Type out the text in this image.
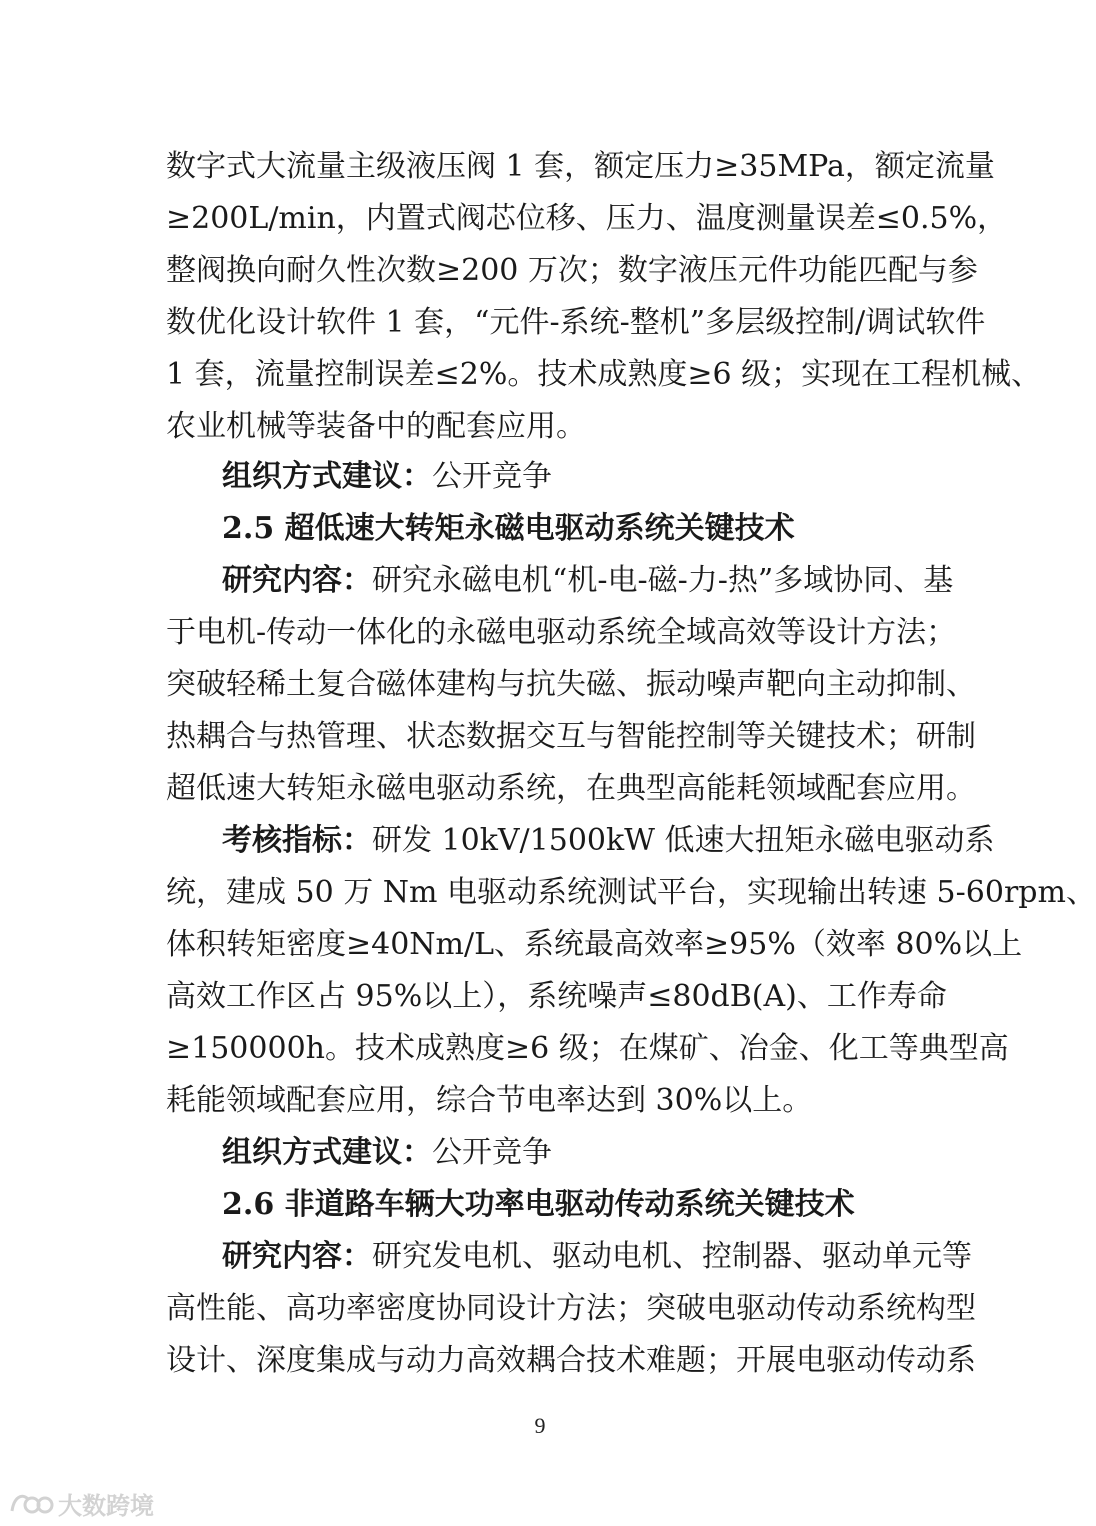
数字式大流量主级液压阀 1 套，额定压力≥35MPa，额定流量
≥200L/min，内置式阀芯位移、压力、温度测量误差≤0.5%，
整阀换向耐久性次数≥200 万次；数字液压元件功能匹配与参
数优化设计软件 1 套，“元件-系统-整机”多层级控制/调试软件
1 套，流量控制误差≤2%。技术成熟度≥6 级；实现在工程机械、
农业机械等装备中的配套应用。
组织方式建议：公开竞争
2.5 超低速大转矩永磁电驱动系统关键技术
研究内容：研究永磁电机“机-电-磁-力-热”多域协同、基
于电机-传动一体化的永磁电驱动系统全域高效等设计方法；
突破轻稀土复合磁体建构与抗失磁、振动噪声靶向主动抑制、
热耦合与热管理、状态数据交互与智能控制等关键技术；研制
超低速大转矩永磁电驱动系统，在典型高能耗领域配套应用。
考核指标：研发 10kV/1500kW 低速大扭矩永磁电驱动系
统，建成 50 万 Nm 电驱动系统测试平台，实现输出转速 5-60rpm、
体积转矩密度≥40Nm/L、系统最高效率≥95%（效率 80%以上
高效工作区占 95%以上），系统噪声≤80dB(A)、工作寿命
≥150000h。技术成熟度≥6 级；在煤矿、冶金、化工等典型高
耗能领域配套应用，综合节电率达到 30%以上。
组织方式建议：公开竞争
2.6 非道路车辆大功率电驱动传动系统关键技术
研究内容：研究发电机、驱动电机、控制器、驱动单元等
高性能、高功率密度协同设计方法；突破电驱动传动系统构型
设计、深度集成与动力高效耦合技术难题；开展电驱动传动系
9
大数跨境
